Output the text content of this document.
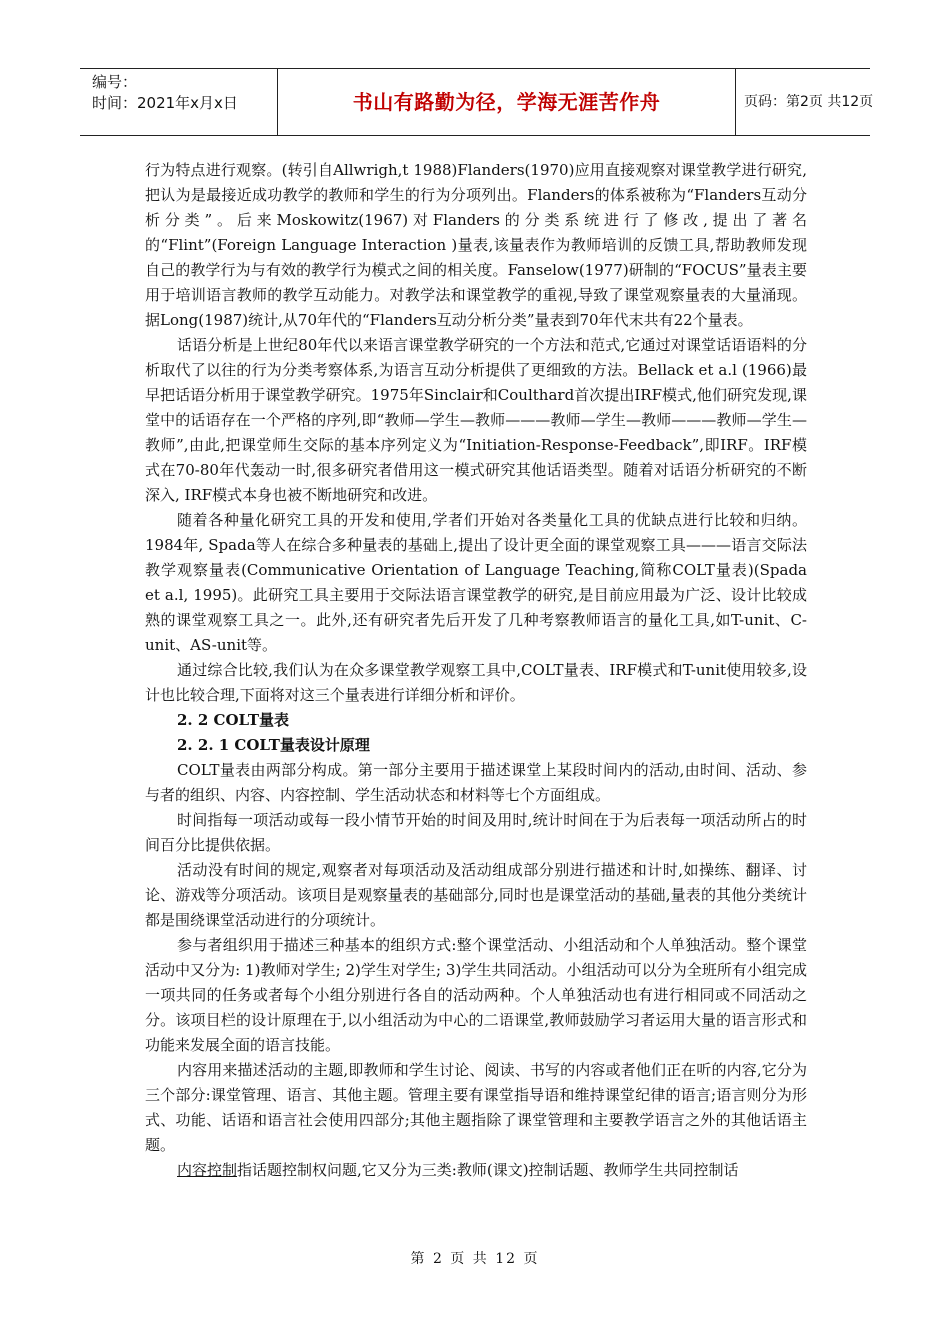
编号：
时间：2021年x月x日	书山有路勤为径，学海无涯苦作舟	页码：第2页 共12页

行为特点进行观察。(转引自Allwrigh,t 1988)Flanders(1970)应用直接观察对课堂教学进行研究,把认为是最接近成功教学的教师和学生的行为分项列出。Flanders的体系被称为“Flanders互动分析分类”。后来Moskowitz(1967)对Flanders的分类系统进行了修改,提出了著名的“Flint”(Foreign Language Interaction )量表,该量表作为教师培训的反馈工具,帮助教师发现自己的教学行为与有效的教学行为模式之间的相关度。Fanselow(1977)研制的“FOCUS”量表主要用于培训语言教师的教学互动能力。对教学法和课堂教学的重视,导致了课堂观察量表的大量涌现。据Long(1987)统计,从70年代的“Flanders互动分析分类”量表到70年代末共有22个量表。

话语分析是上世纪80年代以来语言课堂教学研究的一个方法和范式,它通过对课堂话语语料的分析取代了以往的行为分类考察体系,为语言互动分析提供了更细致的方法。Bellack et a.l (1966)最早把话语分析用于课堂教学研究。1975年Sinclair和Coulthard首次提出IRF模式,他们研究发现,课堂中的话语存在一个严格的序列,即“教师—学生—教师———教师—学生—教师———教师—学生—教师”,由此,把课堂师生交际的基本序列定义为“Initiation-Response-Feedback”,即IRF。IRF模式在70-80年代轰动一时,很多研究者借用这一模式研究其他话语类型。随着对话语分析研究的不断深入, IRF模式本身也被不断地研究和改进。

随着各种量化研究工具的开发和使用,学者们开始对各类量化工具的优缺点进行比较和归纳。1984年, Spada等人在综合多种量表的基础上,提出了设计更全面的课堂观察工具———语言交际法教学观察量表(Communicative Orientation of Language Teaching,简称COLT量表)(Spada et a.l, 1995)。此研究工具主要用于交际法语言课堂教学的研究,是目前应用最为广泛、设计比较成熟的课堂观察工具之一。此外,还有研究者先后开发了几种考察教师语言的量化工具,如T-unit、C-unit、AS-unit等。

通过综合比较,我们认为在众多课堂教学观察工具中,COLT量表、IRF模式和T-unit使用较多,设计也比较合理,下面将对这三个量表进行详细分析和评价。

2. 2 COLT量表

2. 2. 1 COLT量表设计原理

COLT量表由两部分构成。第一部分主要用于描述课堂上某段时间内的活动,由时间、活动、参与者的组织、内容、内容控制、学生活动状态和材料等七个方面组成。

时间指每一项活动或每一段小情节开始的时间及用时,统计时间在于为后表每一项活动所占的时间百分比提供依据。

活动没有时间的规定,观察者对每项活动及活动组成部分别进行描述和计时,如操练、翻译、讨论、游戏等分项活动。该项目是观察量表的基础部分,同时也是课堂活动的基础,量表的其他分类统计都是围绕课堂活动进行的分项统计。

参与者组织用于描述三种基本的组织方式:整个课堂活动、小组活动和个人单独活动。整个课堂活动中又分为: 1)教师对学生; 2)学生对学生; 3)学生共同活动。小组活动可以分为全班所有小组完成一项共同的任务或者每个小组分别进行各自的活动两种。个人单独活动也有进行相同或不同活动之分。该项目栏的设计原理在于,以小组活动为中心的二语课堂,教师鼓励学习者运用大量的语言形式和功能来发展全面的语言技能。

内容用来描述活动的主题,即教师和学生讨论、阅读、书写的内容或者他们正在听的内容,它分为三个部分:课堂管理、语言、其他主题。管理主要有课堂指导语和维持课堂纪律的语言;语言则分为形式、功能、话语和语言社会使用四部分;其他主题指除了课堂管理和主要教学语言之外的其他话语主题。

内容控制指话题控制权问题,它又分为三类:教师(课文)控制话题、教师学生共同控制话

第 2 页 共 12 页
